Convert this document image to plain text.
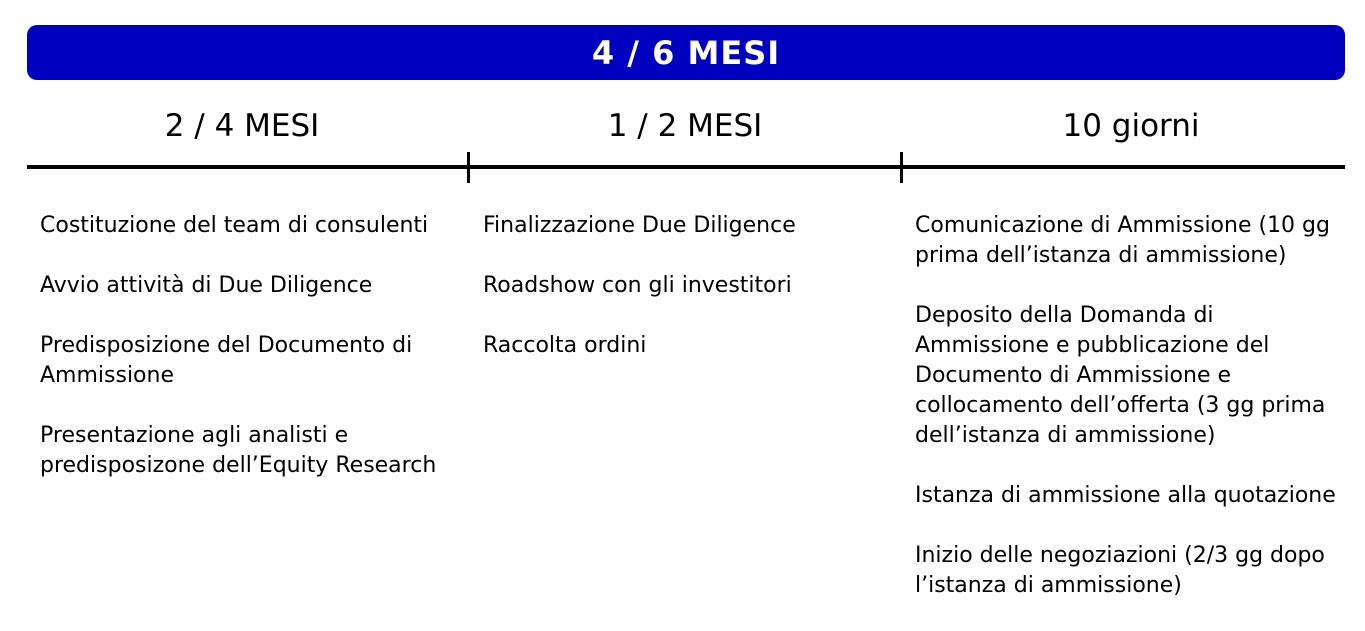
4 / 6 MESI
2 / 4 MESI	1 / 2 MESI	10 giorni

Costituzione del team di consulenti

Avvio attività di Due Diligence

Predisposizione del Documento di Ammissione

Presentazione agli analisti e predisposizone dell’Equity Research

Finalizzazione Due Diligence

Roadshow con gli investitori

Raccolta ordini

Comunicazione di Ammissione (10 gg prima dell’istanza di ammissione)

Deposito della Domanda di Ammissione e pubblicazione del Documento di Ammissione e collocamento dell’offerta (3 gg prima dell’istanza di ammissione)

Istanza di ammissione alla quotazione

Inizio delle negoziazioni (2/3 gg dopo l’istanza di ammissione)
